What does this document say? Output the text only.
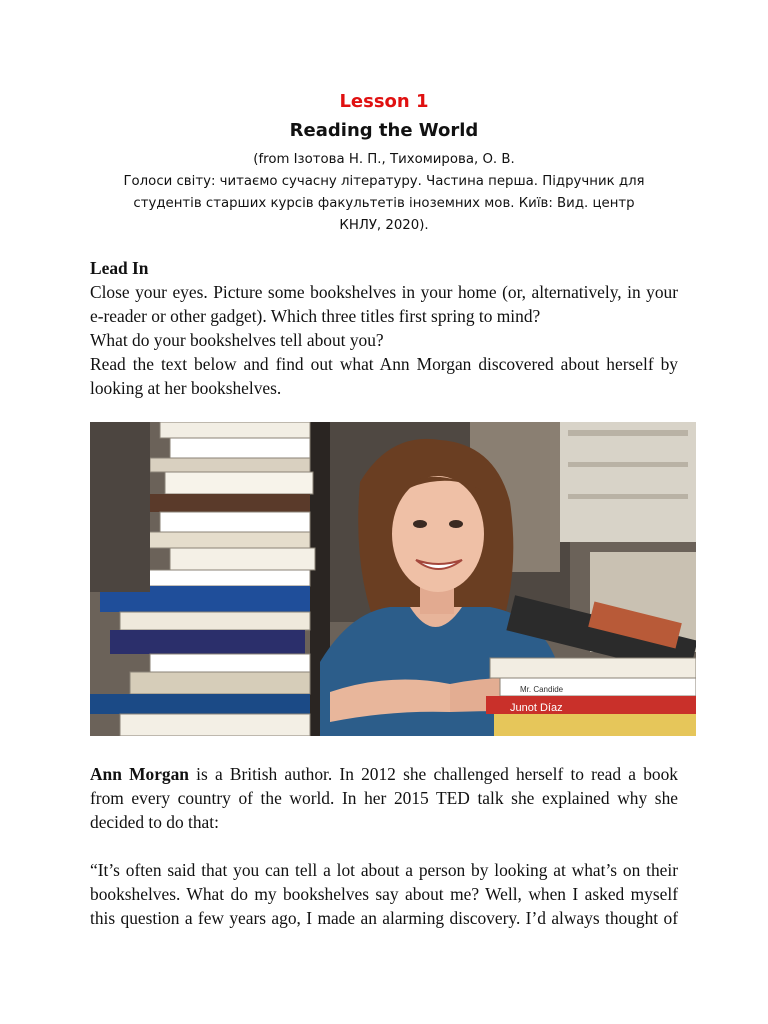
Lesson 1
Reading the World
(from Ізотова Н. П., Тихомирова, О. В.
Голоси світу: читаємо сучасну літературу. Частина перша. Підручник для
студентів старших курсів факультетів іноземних мов. Київ: Вид. центр
КНЛУ, 2020).
Lead In
Close your eyes. Picture some bookshelves in your home (or, alternatively, in your
e-reader or other gadget). Which three titles first spring to mind?
What do your bookshelves tell about you?
Read the text below and find out what Ann Morgan discovered about herself by
looking at her bookshelves.
Junot Díaz
Mr. Candide
Ann Morgan is a British author. In 2012 she challenged herself to read a book
from every country of the world. In her 2015 TED talk she explained why she
decided to do that:
“It’s often said that you can tell a lot about a person by looking at what’s on their
bookshelves. What do my bookshelves say about me? Well, when I asked myself
this question a few years ago, I made an alarming discovery. I’d always thought of
